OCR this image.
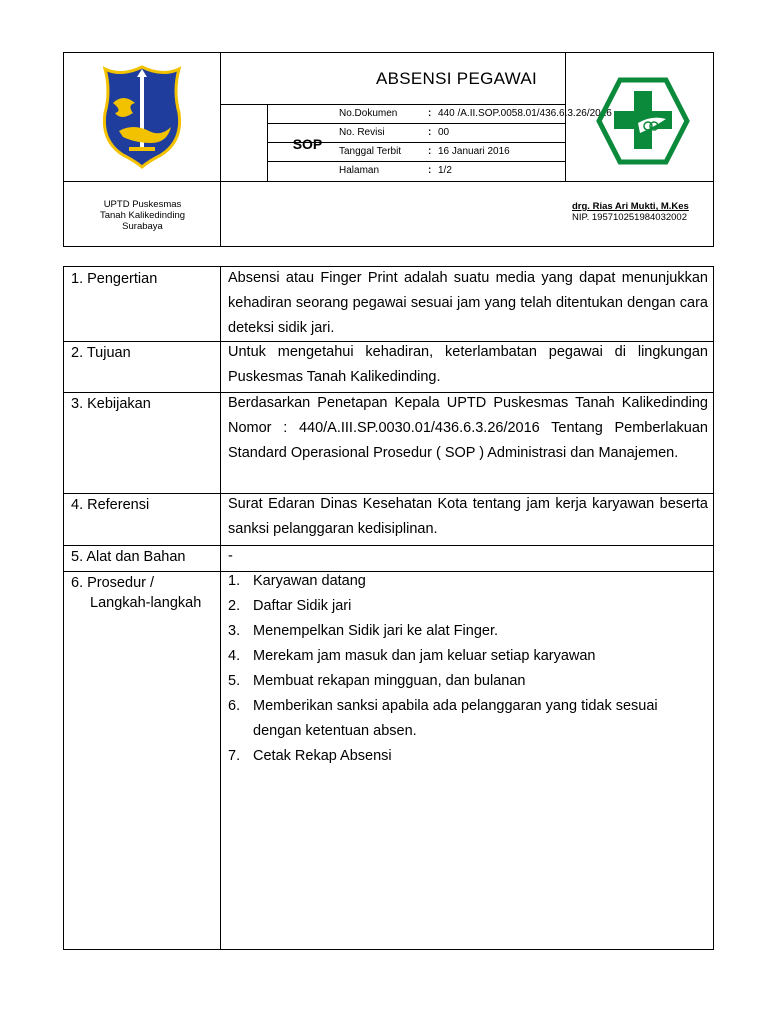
ABSENSI PEGAWAI
SOP
No.Dokumen	: 440 /A.II.SOP.0058.01/436.6.3.26/2016
No. Revisi	: 00
Tanggal Terbit	: 16 Januari 2016
Halaman	: 1/2
UPTD Puskesmas
Tanah Kalikedinding
Surabaya
drg. Rias Ari Mukti, M.Kes
NIP. 195710251984032002
1. Pengertian	Absensi atau Finger Print adalah suatu media yang dapat menunjukkan kehadiran seorang pegawai sesuai jam yang telah ditentukan dengan cara deteksi sidik jari.
2. Tujuan	Untuk mengetahui kehadiran, keterlambatan pegawai di lingkungan Puskesmas Tanah Kalikedinding.
3. Kebijakan	Berdasarkan Penetapan Kepala UPTD Puskesmas Tanah Kalikedinding Nomor : 440/A.III.SP.0030.01/436.6.3.26/2016 Tentang Pemberlakuan Standard Operasional Prosedur ( SOP ) Administrasi dan Manajemen.
4. Referensi	Surat Edaran Dinas Kesehatan Kota tentang jam kerja karyawan beserta sanksi pelanggaran kedisiplinan.
5. Alat dan Bahan	-
6. Prosedur /
Langkah-langkah
1. Karyawan datang
2. Daftar Sidik jari
3. Menempelkan Sidik jari ke alat Finger.
4. Merekam jam masuk dan jam keluar setiap karyawan
5. Membuat rekapan mingguan, dan bulanan
6. Memberikan sanksi apabila ada pelanggaran yang tidak sesuai dengan ketentuan absen.
7. Cetak Rekap Absensi
